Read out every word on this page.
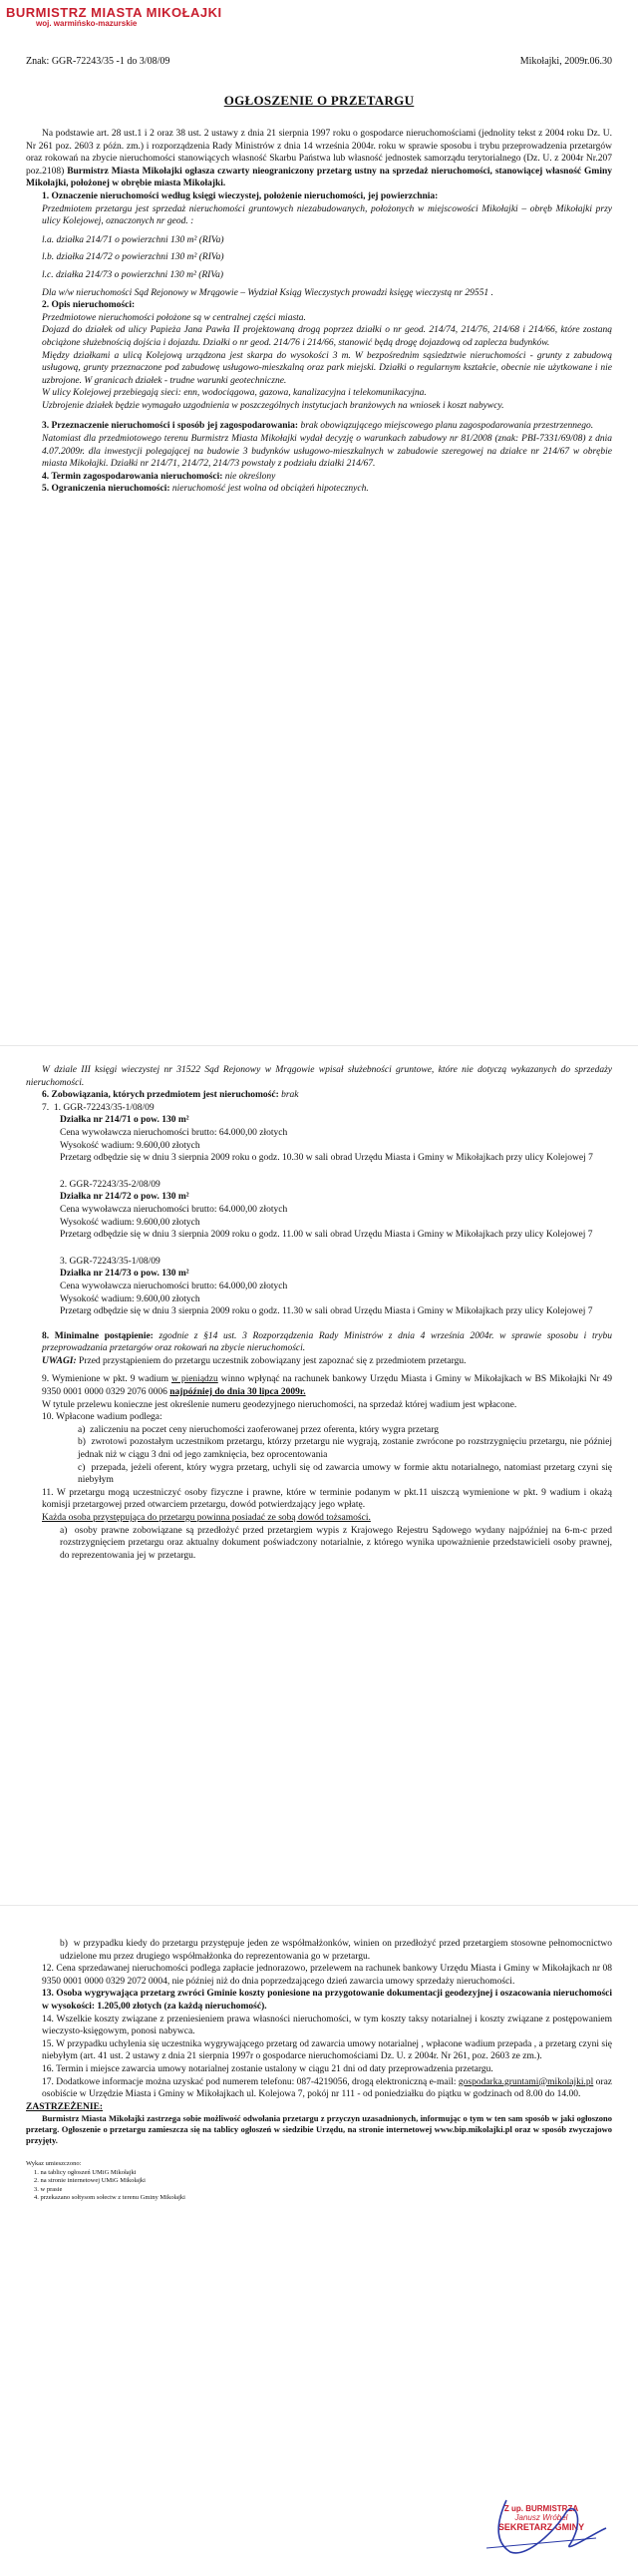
BURMISTRZ MIASTA MIKOŁAJKI
woj. warmińsko-mazurskie
Znak: GGR-72243/35 -1 do 3/08/09	Mikołajki, 2009r.06.30
OGŁOSZENIE O PRZETARGU

Na podstawie art. 28 ust.1 i 2 oraz 38 ust. 2 ustawy z dnia 21 sierpnia 1997 roku o gospodarce nieruchomościami (jednolity tekst z 2004 roku Dz. U. Nr 261 poz. 2603 z późn. zm.) i rozporządzenia Rady Ministrów z dnia 14 września 2004r. roku w sprawie sposobu i trybu przeprowadzenia przetargów oraz rokowań na zbycie nieruchomości stanowiących własność Skarbu Państwa lub własność jednostek samorządu terytorialnego (Dz. U. z 2004r Nr.207 poz.2108) Burmistrz Miasta Mikołajki ogłasza czwarty nieograniczony przetarg ustny na sprzedaż nieruchomości, stanowiącej własność Gminy Mikołajki, położonej w obrębie miasta Mikołajki.

1. Oznaczenie nieruchomości według księgi wieczystej, położenie nieruchomości, jej powierzchnia:

Przedmiotem przetargu jest sprzedaż nieruchomości gruntowych niezabudowanych, położonych w miejscowości Mikołajki – obręb Mikołajki przy ulicy Kolejowej, oznaczonych nr geod. :

l.a. działka 214/71 o powierzchni 130 m² (RIVa)

l.b. działka 214/72 o powierzchni 130 m² (RIVa)

l.c. działka 214/73 o powierzchni 130 m² (RIVa)

Dla w/w nieruchomości Sąd Rejonowy w Mrągowie – Wydział Ksiąg Wieczystych prowadzi księgę wieczystą nr 29551 .

2. Opis nieruchomości:

Przedmiotowe nieruchomości położone są w centralnej części miasta.

Dojazd do działek od ulicy Papieża Jana Pawła II projektowaną drogą poprzez działki o nr geod. 214/74, 214/76, 214/68 i 214/66, które zostaną obciążone służebnością dojścia i dojazdu. Działki o nr geod. 214/76 i 214/66, stanowić będą drogę dojazdową od zaplecza budynków.

Między działkami a ulicą Kolejową urządzona jest skarpa do wysokości 3 m. W bezpośrednim sąsiedztwie nieruchomości - grunty z zabudową usługową, grunty przeznaczone pod zabudowę usługowo-mieszkalną oraz park miejski. Działki o regularnym kształcie, obecnie nie użytkowane i nie uzbrojone. W granicach działek - trudne warunki geotechniczne.

W ulicy Kolejowej przebiegają sieci: enn, wodociągowa, gazowa, kanalizacyjna i telekomunikacyjna.

Uzbrojenie działek będzie wymagało uzgodnienia w poszczególnych instytucjach branżowych na wniosek i koszt nabywcy.

3. Przeznaczenie nieruchomości i sposób jej zagospodarowania: brak obowiązującego miejscowego planu zagospodarowania przestrzennego.

Natomiast dla przedmiotowego terenu Burmistrz Miasta Mikołajki wydał decyzję o warunkach zabudowy nr 81/2008 (znak: PBI-7331/69/08) z dnia 4.07.2009r. dla inwestycji polegającej na budowie 3 budynków usługowo-mieszkalnych w zabudowie szeregowej na działce nr 214/67 w obrębie miasta Mikołajki. Działki nr 214/71, 214/72, 214/73 powstały z podziału działki 214/67.

4. Termin zagospodarowania nieruchomości: nie określony

5. Ograniczenia nieruchomości: nieruchomość jest wolna od obciążeń hipotecznych.

W dziale III księgi wieczystej nr 31522 Sąd Rejonowy w Mrągowie wpisał służebności gruntowe, które nie dotyczą wykazanych do sprzedaży nieruchomości.

6. Zobowiązania, których przedmiotem jest nieruchomość: brak

7. 1. GGR-72243/35-1/08/09

Działka nr 214/71 o pow. 130 m²

Cena wywoławcza nieruchomości brutto: 64.000,00 złotych

Wysokość wadium: 9.600,00 złotych

Przetarg odbędzie się w dniu 3 sierpnia 2009 roku o godz. 10.30 w sali obrad Urzędu Miasta i Gminy w Mikołajkach przy ulicy Kolejowej 7

2. GGR-72243/35-2/08/09

Działka nr 214/72 o pow. 130 m²

Cena wywoławcza nieruchomości brutto: 64.000,00 złotych

Wysokość wadium: 9.600,00 złotych

Przetarg odbędzie się w dniu 3 sierpnia 2009 roku o godz. 11.00 w sali obrad Urzędu Miasta i Gminy w Mikołajkach przy ulicy Kolejowej 7

3. GGR-72243/35-1/08/09

Działka nr 214/73 o pow. 130 m²

Cena wywoławcza nieruchomości brutto: 64.000,00 złotych

Wysokość wadium: 9.600,00 złotych

Przetarg odbędzie się w dniu 3 sierpnia 2009 roku o godz. 11.30 w sali obrad Urzędu Miasta i Gminy w Mikołajkach przy ulicy Kolejowej 7

8. Minimalne postąpienie: zgodnie z §14 ust. 3 Rozporządzenia Rady Ministrów z dnia 4 września 2004r. w sprawie sposobu i trybu przeprowadzania przetargów oraz rokowań na zbycie nieruchomości.

UWAGI: Przed przystąpieniem do przetargu uczestnik zobowiązany jest zapoznać się z przedmiotem przetargu.

9. Wymienione w pkt. 9 wadium w pieniądzu winno wpłynąć na rachunek bankowy Urzędu Miasta i Gminy w Mikołajkach w BS Mikołajki Nr 49 9350 0001 0000 0329 2076 0006 najpóźniej do dnia 30 lipca 2009r.

W tytule przelewu konieczne jest określenie numeru geodezyjnego nieruchomości, na sprzedaż której wadium jest wpłacone.

10. Wpłacone wadium podlega:

a) zaliczeniu na poczet ceny nieruchomości zaoferowanej przez oferenta, który wygra przetarg

b) zwrotowi pozostałym uczestnikom przetargu, którzy przetargu nie wygrają, zostanie zwrócone po rozstrzygnięciu przetargu, nie później jednak niż w ciągu 3 dni od jego zamknięcia, bez oprocentowania

c) przepada, jeżeli oferent, który wygra przetarg, uchyli się od zawarcia umowy w formie aktu notarialnego, natomiast przetarg czyni się niebyłym

11. W przetargu mogą uczestniczyć osoby fizyczne i prawne, które w terminie podanym w pkt.11 uiszczą wymienione w pkt. 9 wadium i okażą komisji przetargowej przed otwarciem przetargu, dowód potwierdzający jego wpłatę.

Każda osoba przystępująca do przetargu powinna posiadać ze sobą dowód tożsamości.

a) osoby prawne zobowiązane są przedłożyć przed przetargiem wypis z Krajowego Rejestru Sądowego wydany najpóźniej na 6-m-c przed rozstrzygnięciem przetargu oraz aktualny dokument poświadczony notarialnie, z którego wynika upoważnienie przedstawicieli osoby prawnej, do reprezentowania jej w przetargu.

b) w przypadku kiedy do przetargu przystępuje jeden ze współmałżonków, winien on przedłożyć przed przetargiem stosowne pełnomocnictwo udzielone mu przez drugiego współmałżonka do reprezentowania go w przetargu.

12. Cena sprzedawanej nieruchomości podlega zapłacie jednorazowo, przelewem na rachunek bankowy Urzędu Miasta i Gminy w Mikołajkach nr 08 9350 0001 0000 0329 2072 0004, nie później niż do dnia poprzedzającego dzień zawarcia umowy sprzedaży nieruchomości.

13. Osoba wygrywająca przetarg zwróci Gminie koszty poniesione na przygotowanie dokumentacji geodezyjnej i oszacowania nieruchomości w wysokości: 1.205,00 złotych (za każdą nieruchomość).

14. Wszelkie koszty związane z przeniesieniem prawa własności nieruchomości, w tym koszty taksy notarialnej i koszty związane z postępowaniem wieczysto-księgowym, ponosi nabywca.

15. W przypadku uchylenia się uczestnika wygrywającego przetarg od zawarcia umowy notarialnej , wpłacone wadium przepada , a przetarg czyni się niebyłym (art. 41 ust. 2 ustawy z dnia 21 sierpnia 1997r o gospodarce nieruchomościami Dz. U. z 2004r. Nr 261, poz. 2603 ze zm.).

16. Termin i miejsce zawarcia umowy notarialnej zostanie ustalony w ciągu 21 dni od daty przeprowadzenia przetargu.

17. Dodatkowe informacje można uzyskać pod numerem telefonu: 087-4219056, drogą elektroniczną e-mail: gospodarka.gruntami@mikolajki.pl oraz osobiście w Urzędzie Miasta i Gminy w Mikołajkach ul. Kolejowa 7, pokój nr 111 - od poniedziałku do piątku w godzinach od 8.00 do 14.00.

ZASTRZEŻENIE:

Burmistrz Miasta Mikołajki zastrzega sobie możliwość odwołania przetargu z przyczyn uzasadnionych, informując o tym w ten sam sposób w jaki ogłoszono przetarg. Ogłoszenie o przetargu zamieszcza się na tablicy ogłoszeń w siedzibie Urzędu, na stronie internetowej www.bip.mikolajki.pl oraz w sposób zwyczajowo przyjęty.

Wykaz umieszczono:

1. na tablicy ogłoszeń UMiG Mikołajki

2. na stronie internetowej UMiG Mikołajki

3. w prasie

4. przekazano sołtysom sołectw z terenu Gminy Mikołajki

Z up. BURMISTRZA
Janusz Wróbel
SEKRETARZ GMINY
